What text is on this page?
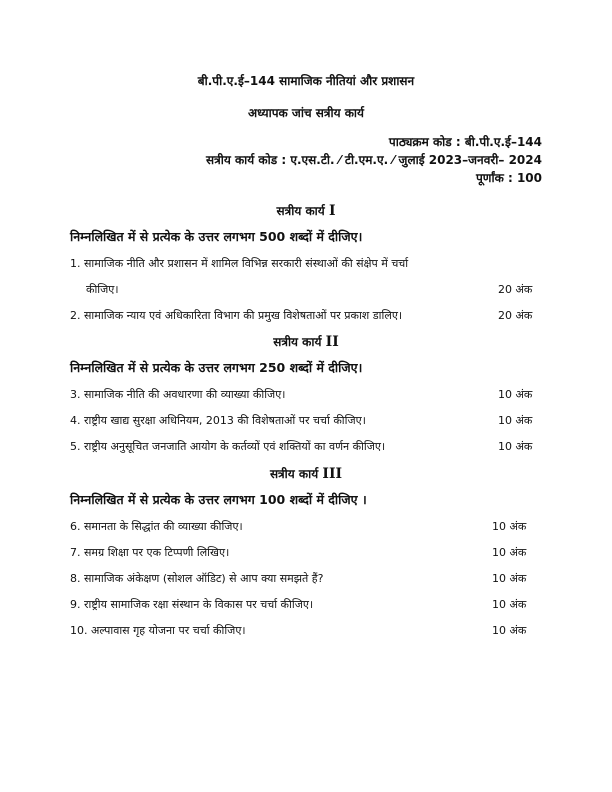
बी.पी.ए.ई–144 सामाजिक नीतियां और प्रशासन
अध्यापक जांच सत्रीय कार्य
पाठ्यक्रम कोड : बी.पी.ए.ई–144
सत्रीय कार्य कोड : ए.एस.टी. ⁄ टी.एम.ए. ⁄ जुलाई 2023–जनवरी– 2024
पूर्णांक : 100
सत्रीय कार्य I
निम्नलिखित में से प्रत्येक के उत्तर लगभग 500 शब्दों में दीजिए।
1. सामाजिक नीति और प्रशासन में शामिल विभिन्न सरकारी संस्थाओं की संक्षेप में चर्चा
कीजिए।	20 अंक
2. सामाजिक न्याय एवं अधिकारिता विभाग की प्रमुख विशेषताओं पर प्रकाश डालिए।	20 अंक
सत्रीय कार्य II
निम्नलिखित में से प्रत्येक के उत्तर लगभग 250 शब्दों में दीजिए।
3. सामाजिक नीति की अवधारणा की व्याख्या कीजिए।	10 अंक
4. राष्ट्रीय खाद्य सुरक्षा अधिनियम, 2013 की विशेषताओं पर चर्चा कीजिए।	10 अंक
5. राष्ट्रीय अनुसूचित जनजाति आयोग के कर्तव्यों एवं शक्तियों का वर्णन कीजिए।	10 अंक
सत्रीय कार्य III
निम्नलिखित में से प्रत्येक के उत्तर लगभग 100 शब्दों में दीजिए ।
6. समानता के सिद्धांत की व्याख्या कीजिए।	10 अंक
7. समग्र शिक्षा पर एक टिप्पणी लिखिए।	10 अंक
8. सामाजिक अंकेक्षण (सोशल ऑडिट) से आप क्या समझते हैं?	10 अंक
9. राष्ट्रीय सामाजिक रक्षा संस्थान के विकास पर चर्चा कीजिए।	10 अंक
10. अल्पावास गृह योजना पर चर्चा कीजिए।	10 अंक
